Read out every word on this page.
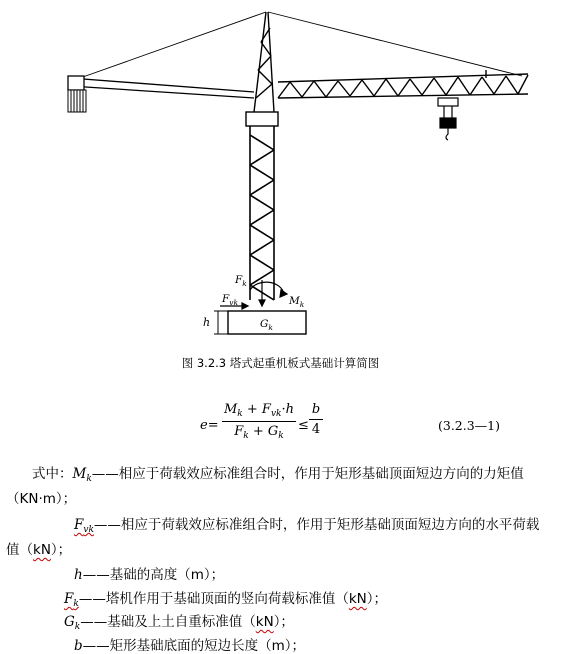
$F_k$
$F_{vk}$	$M_k$
$G_k$
h
图 3.2.3 塔式起重机板式基础计算简图
e=
$M_k + F_{vk}\cdot h$
$F_k + G_k$
≤
b
4	(3.2.3—1)
式中：$M_k——$相应于荷载效应标准组合时，作用于矩形基础顶面短边方向的力矩值
（KN·m）；
$F_{vk}——$相应于荷载效应标准组合时，作用于矩形基础顶面短边方向的水平荷载
值（kN）；
h——基础的高度（m）；
$F_k——$塔机作用于基础顶面的竖向荷载标准值（kN）；
$G_k——$基础及上土自重标准值（kN）；
b——矩形基础底面的短边长度（m）；
